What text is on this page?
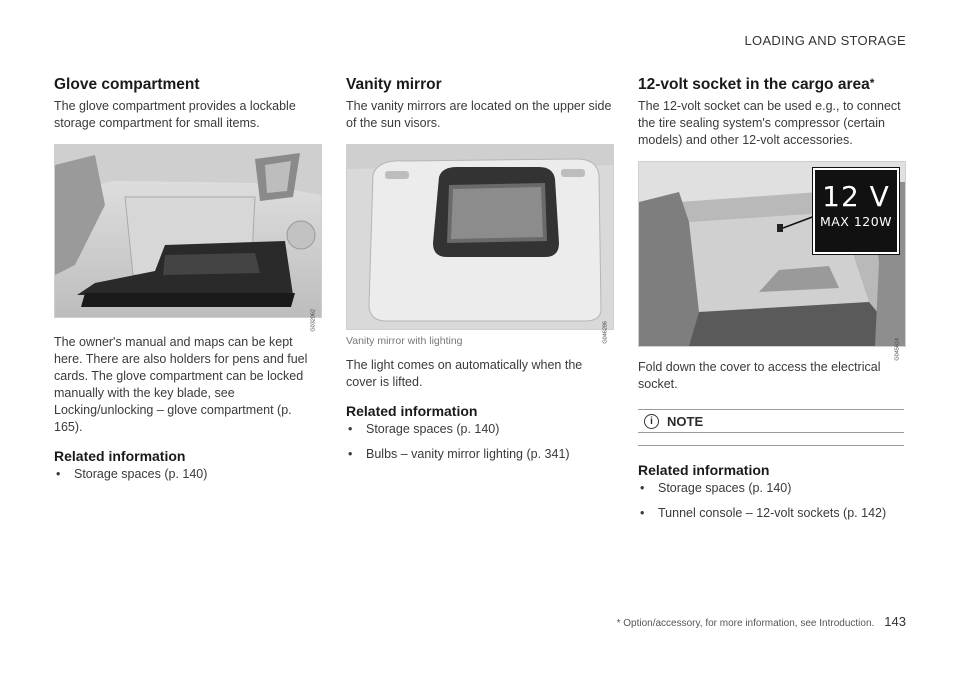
LOADING AND STORAGE
Glove compartment

The glove compartment provides a lockable storage compartment for small items.

G032062

The owner's manual and maps can be kept here. There are also holders for pens and fuel cards. The glove compartment can be locked manually with the key blade, see Locking/unlocking – glove compartment (p. 165).

Related information
• Storage spaces (p. 140)
Vanity mirror

The vanity mirrors are located on the upper side of the sun visors.

G046286
Vanity mirror with lighting

The light comes on automatically when the cover is lifted.

Related information
• Storage spaces (p. 140)
• Bulbs – vanity mirror lighting (p. 341)
12-volt socket in the cargo area*

The 12-volt socket can be used e.g., to connect the tire sealing system's compressor (certain models) and other 12-volt accessories.

12 V
MAX 120W
G045614

Fold down the cover to access the electrical socket.

i	NOTE
Related information
• Storage spaces (p. 140)
• Tunnel console – 12-volt sockets (p. 142)
* Option/accessory, for more information, see Introduction. 143
